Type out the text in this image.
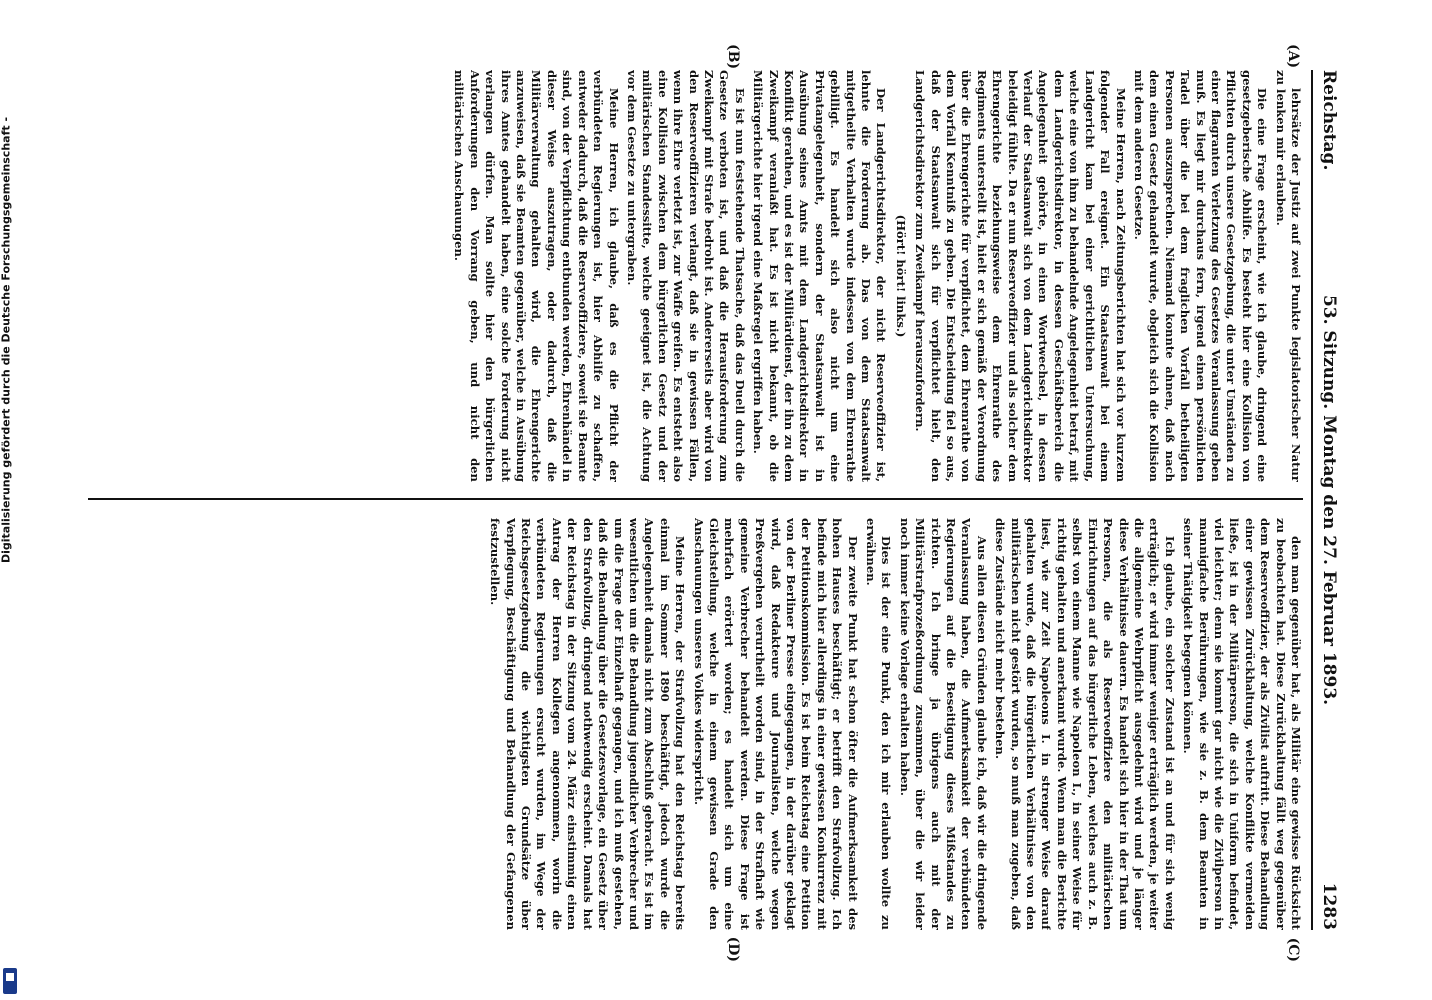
Reichstag.
53. Sitzung. Montag den 27. Februar 1893.
1283

lehrsätze der Justiz auf zwei Punkte legislatorischer Natur zu lenken mir erlauben.

Die eine Frage erscheint, wie ich glaube, dringend eine gesetzgeberische Abhilfe. Es besteht hier eine Kollision von Pflichten durch unsere Gesetzgebung, die unter Umständen zu einer flagranten Verletzung des Gesetzes Veranlassung geben muß. Es liegt mir durchaus fern, irgend einen persönlichen Tadel über die bei dem fraglichen Vorfall betheiligten Personen auszusprechen. Niemand konnte ahnen, daß nach dem einen Gesetz gehandelt wurde, obgleich sich die Kollision mit dem anderen Gesetze.

Meine Herren, nach Zeitungsberichten hat sich vor kurzem folgender Fall ereignet. Ein Staatsanwalt bei einem Landgericht kam bei einer gerichtlichen Untersuchung, welche eine von ihm zu behandelnde Angelegenheit betraf, mit dem Landgerichtsdirektor, in dessen Geschäftsbereich die Angelegenheit gehörte, in einen Wortwechsel, in dessen Verlauf der Staatsanwalt sich von dem Landgerichtsdirektor beleidigt fühlte. Da er nun Reserveoffizier und als solcher dem Ehrengerichte beziehungsweise dem Ehrenrathe des Regiments unterstellt ist, hielt er sich gemäß der Verordnung über die Ehrengerichte für verpflichtet, dem Ehrenrathe von dem Vorfall Kenntniß zu geben. Die Entscheidung fiel so aus, daß der Staatsanwalt sich für verpflichtet hielt, den Landgerichtsdirektor zum Zweikampf herauszufordern.

(Hört! hört! links.)

Der Landgerichtsdirektor, der nicht Reserveoffizier ist, lehnte die Forderung ab. Das von dem Staatsanwalt mitgetheilte Verhalten wurde indessen von dem Ehrenrathe gebilligt. Es handelt sich also nicht um eine Privatangelegenheit, sondern der Staatsanwalt ist in Ausübung seines Amts mit dem Landgerichtsdirektor in Konflikt gerathen, und es ist der Militärdienst, der ihn zu dem Zweikampf veranlaßt hat. Es ist nicht bekannt, ob die Militärgerichte hier irgend eine Maßregel ergriffen haben.

Es ist nun feststehende Thatsache, daß das Duell durch die Gesetze verboten ist, und daß die Herausforderung zum Zweikampf mit Strafe bedroht ist. Andererseits aber wird von den Reserveoffizieren verlangt, daß sie in gewissen Fällen, wenn ihre Ehre verletzt ist, zur Waffe greifen. Es entsteht also eine Kollision zwischen dem bürgerlichen Gesetz und der militärischen Standessitte, welche geeignet ist, die Achtung vor dem Gesetze zu untergraben.

Meine Herren, ich glaube, daß es die Pflicht der verbündeten Regierungen ist, hier Abhilfe zu schaffen, entweder dadurch, daß die Reserveoffiziere, soweit sie Beamte sind, von der Verpflichtung entbunden werden, Ehrenhändel in dieser Weise auszutragen, oder dadurch, daß die Militärverwaltung gehalten wird, die Ehrengerichte anzuweisen, daß sie Beamten gegenüber, welche in Ausübung ihres Amtes gehandelt haben, eine solche Forderung nicht verlangen dürfen. Man sollte hier den bürgerlichen Anforderungen den Vorrang geben, und nicht den militärischen Anschauungen.

den man gegenüber hat, als Militär eine gewisse Rücksicht zu beobachten hat. Diese Zurückhaltung fällt weg gegenüber dem Reserveoffizier, der als Zivilist auftritt. Diese Behandlung einer gewissen Zurückhaltung, welche Konflikte vermeiden ließe, ist in der Militärperson, die sich in Uniform befindet, viel leichter; denn sie kommt gar nicht wie die Zivilperson in mannigfache Berührungen, wie sie z. B. dem Beamten in seiner Thätigkeit begegnen können.

Ich glaube, ein solcher Zustand ist an und für sich wenig erträglich; er wird immer weniger erträglich werden, je weiter die allgemeine Wehrpflicht ausgedehnt wird und je länger diese Verhältnisse dauern. Es handelt sich hier in der That um Personen, die als Reserveoffiziere den militärischen Einrichtungen auf das bürgerliche Leben, welches auch z. B. selbst von einem Manne wie Napoleon I., in seiner Weise für richtig gehalten und anerkannt wurde. Wenn man die Berichte liest, wie zur Zeit Napoleons I. in strenger Weise darauf gehalten wurde, daß die bürgerlichen Verhältnisse von den militärischen nicht gestört wurden, so muß man zugeben, daß diese Zustände nicht mehr bestehen.

Aus allen diesen Gründen glaube ich, daß wir die dringende Veranlassung haben, die Aufmerksamkeit der verbündeten Regierungen auf die Beseitigung dieses Mißstandes zu richten. Ich bringe ja übrigens auch mit der Militärstrafprozeßordnung zusammen, über die wir leider noch immer keine Vorlage erhalten haben.

Dies ist der eine Punkt, den ich mir erlauben wollte zu erwähnen.

Der zweite Punkt hat schon öfter die Aufmerksamkeit des hohen Hauses beschäftigt; er betrifft den Strafvollzug. Ich befinde mich hier allerdings in einer gewissen Konkurrenz mit der Petitionskommission. Es ist beim Reichstag eine Petition von der Berliner Presse eingegangen, in der darüber geklagt wird, daß Redakteure und Journalisten, welche wegen Preßvergehen verurtheilt worden sind, in der Strafhaft wie gemeine Verbrecher behandelt werden. Diese Frage ist mehrfach erörtert worden; es handelt sich um eine Gleichstellung, welche in einem gewissen Grade den Anschauungen unseres Volkes widerspricht.

Meine Herren, der Strafvollzug hat den Reichstag bereits einmal im Sommer 1890 beschäftigt, jedoch wurde die Angelegenheit damals nicht zum Abschluß gebracht. Es ist im wesentlichen um die Behandlung jugendlicher Verbrecher und um die Frage der Einzelhaft gegangen, und ich muß gestehen, daß die Behandlung über die Gesetzesvorlage, ein Gesetz über den Strafvollzug, dringend nothwendig erscheint. Damals hat der Reichstag in der Sitzung vom 24. März einstimmig einen Antrag der Herren Kollegen angenommen, worin die verbündeten Regierungen ersucht wurden, im Wege der Reichsgesetzgebung die wichtigsten Grundsätze über Verpflegung, Beschäftigung und Behandlung der Gefangenen festzustellen.

(A)
(B)
(C)
(D)
Digitalisierung gefördert durch die Deutsche Forschungsgemeinschaft -
